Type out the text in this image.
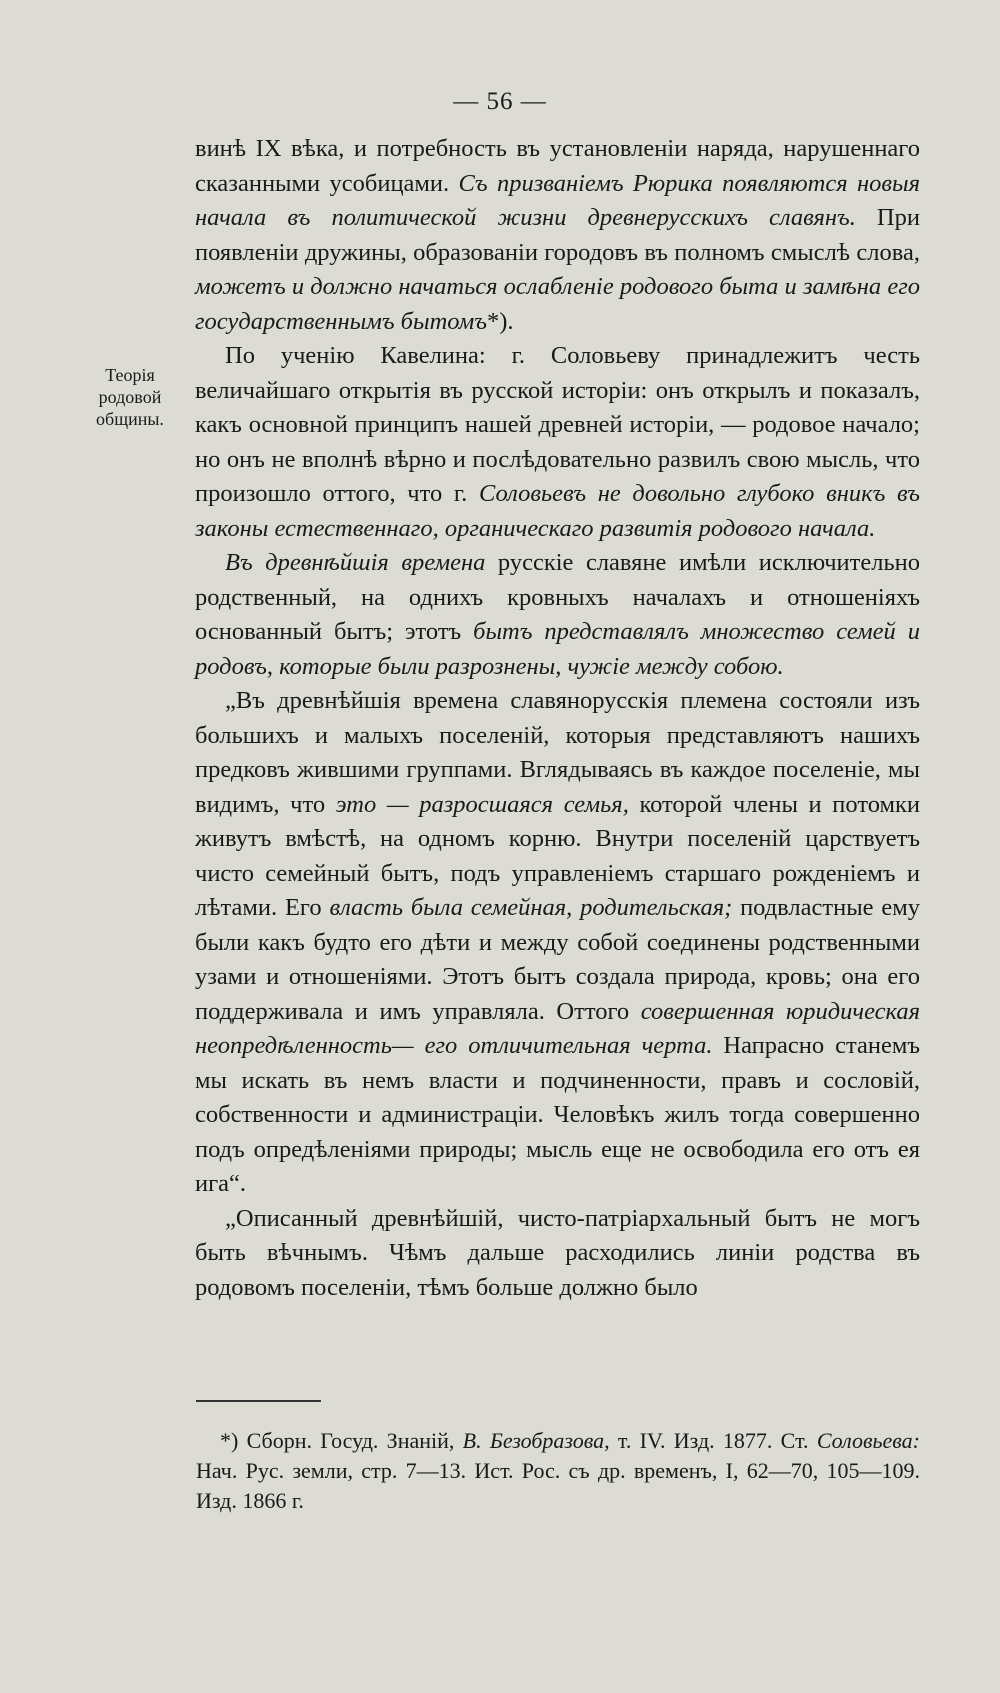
— 56 —
Теорія
родовой
общины.

винѣ IX вѣка, и потребность въ установленіи наряда, нарушеннаго сказанными усобицами. Съ призваніемъ Рюрика появляются новыя начала въ политической жизни древнерусскихъ славянъ. При появленіи дружины, образованіи городовъ въ полномъ смыслѣ слова, можетъ и должно начаться ослабленіе родового быта и замѣна его государственнымъ бытомъ*).

По ученію Кавелина: г. Соловьеву принадлежитъ честь величайшаго открытія въ русской исторіи: онъ открылъ и показалъ, какъ основной принципъ нашей древней исторіи, — родовое начало; но онъ не вполнѣ вѣрно и послѣдовательно развилъ свою мысль, что произошло оттого, что г. Соловьевъ не довольно глубоко вникъ въ законы естественнаго, органическаго развитія родового начала.

Въ древнѣйшія времена русскіе славяне имѣли исключительно родственный, на однихъ кровныхъ началахъ и отношеніяхъ основанный бытъ; этотъ бытъ представлялъ множество семей и родовъ, которые были разрознены, чужіе между собою.

„Въ древнѣйшія времена славянорусскія племена состояли изъ большихъ и малыхъ поселеній, которыя представляютъ нашихъ предковъ жившими группами. Вглядываясь въ каждое поселеніе, мы видимъ, что это — разросшаяся семья, которой члены и потомки живутъ вмѣстѣ, на одномъ корню. Внутри поселеній царствуетъ чисто семейный бытъ, подъ управленіемъ старшаго рожденіемъ и лѣтами. Его власть была семейная, родительская; подвластные ему были какъ будто его дѣти и между собой соединены родственными узами и отношеніями. Этотъ бытъ создала природа, кровь; она его поддерживала и имъ управляла. Оттого совершенная юридическая неопредѣленность— его отличительная черта. Напрасно станемъ мы искать въ немъ власти и подчиненности, правъ и сословій, собственности и администраціи. Человѣкъ жилъ тогда совершенно подъ опредѣленіями природы; мысль еще не освободила его отъ ея ига“.

„Описанный древнѣйшій, чисто-патріархальный бытъ не могъ быть вѣчнымъ. Чѣмъ дальше расходились линіи родства въ родовомъ поселеніи, тѣмъ больше должно было

*) Сборн. Госуд. Знаній, В. Безобразова, т. IV. Изд. 1877. Ст. Соловьева: Нач. Рус. земли, стр. 7—13. Ист. Рос. съ др. временъ, I, 62—70, 105—109. Изд. 1866 г.
